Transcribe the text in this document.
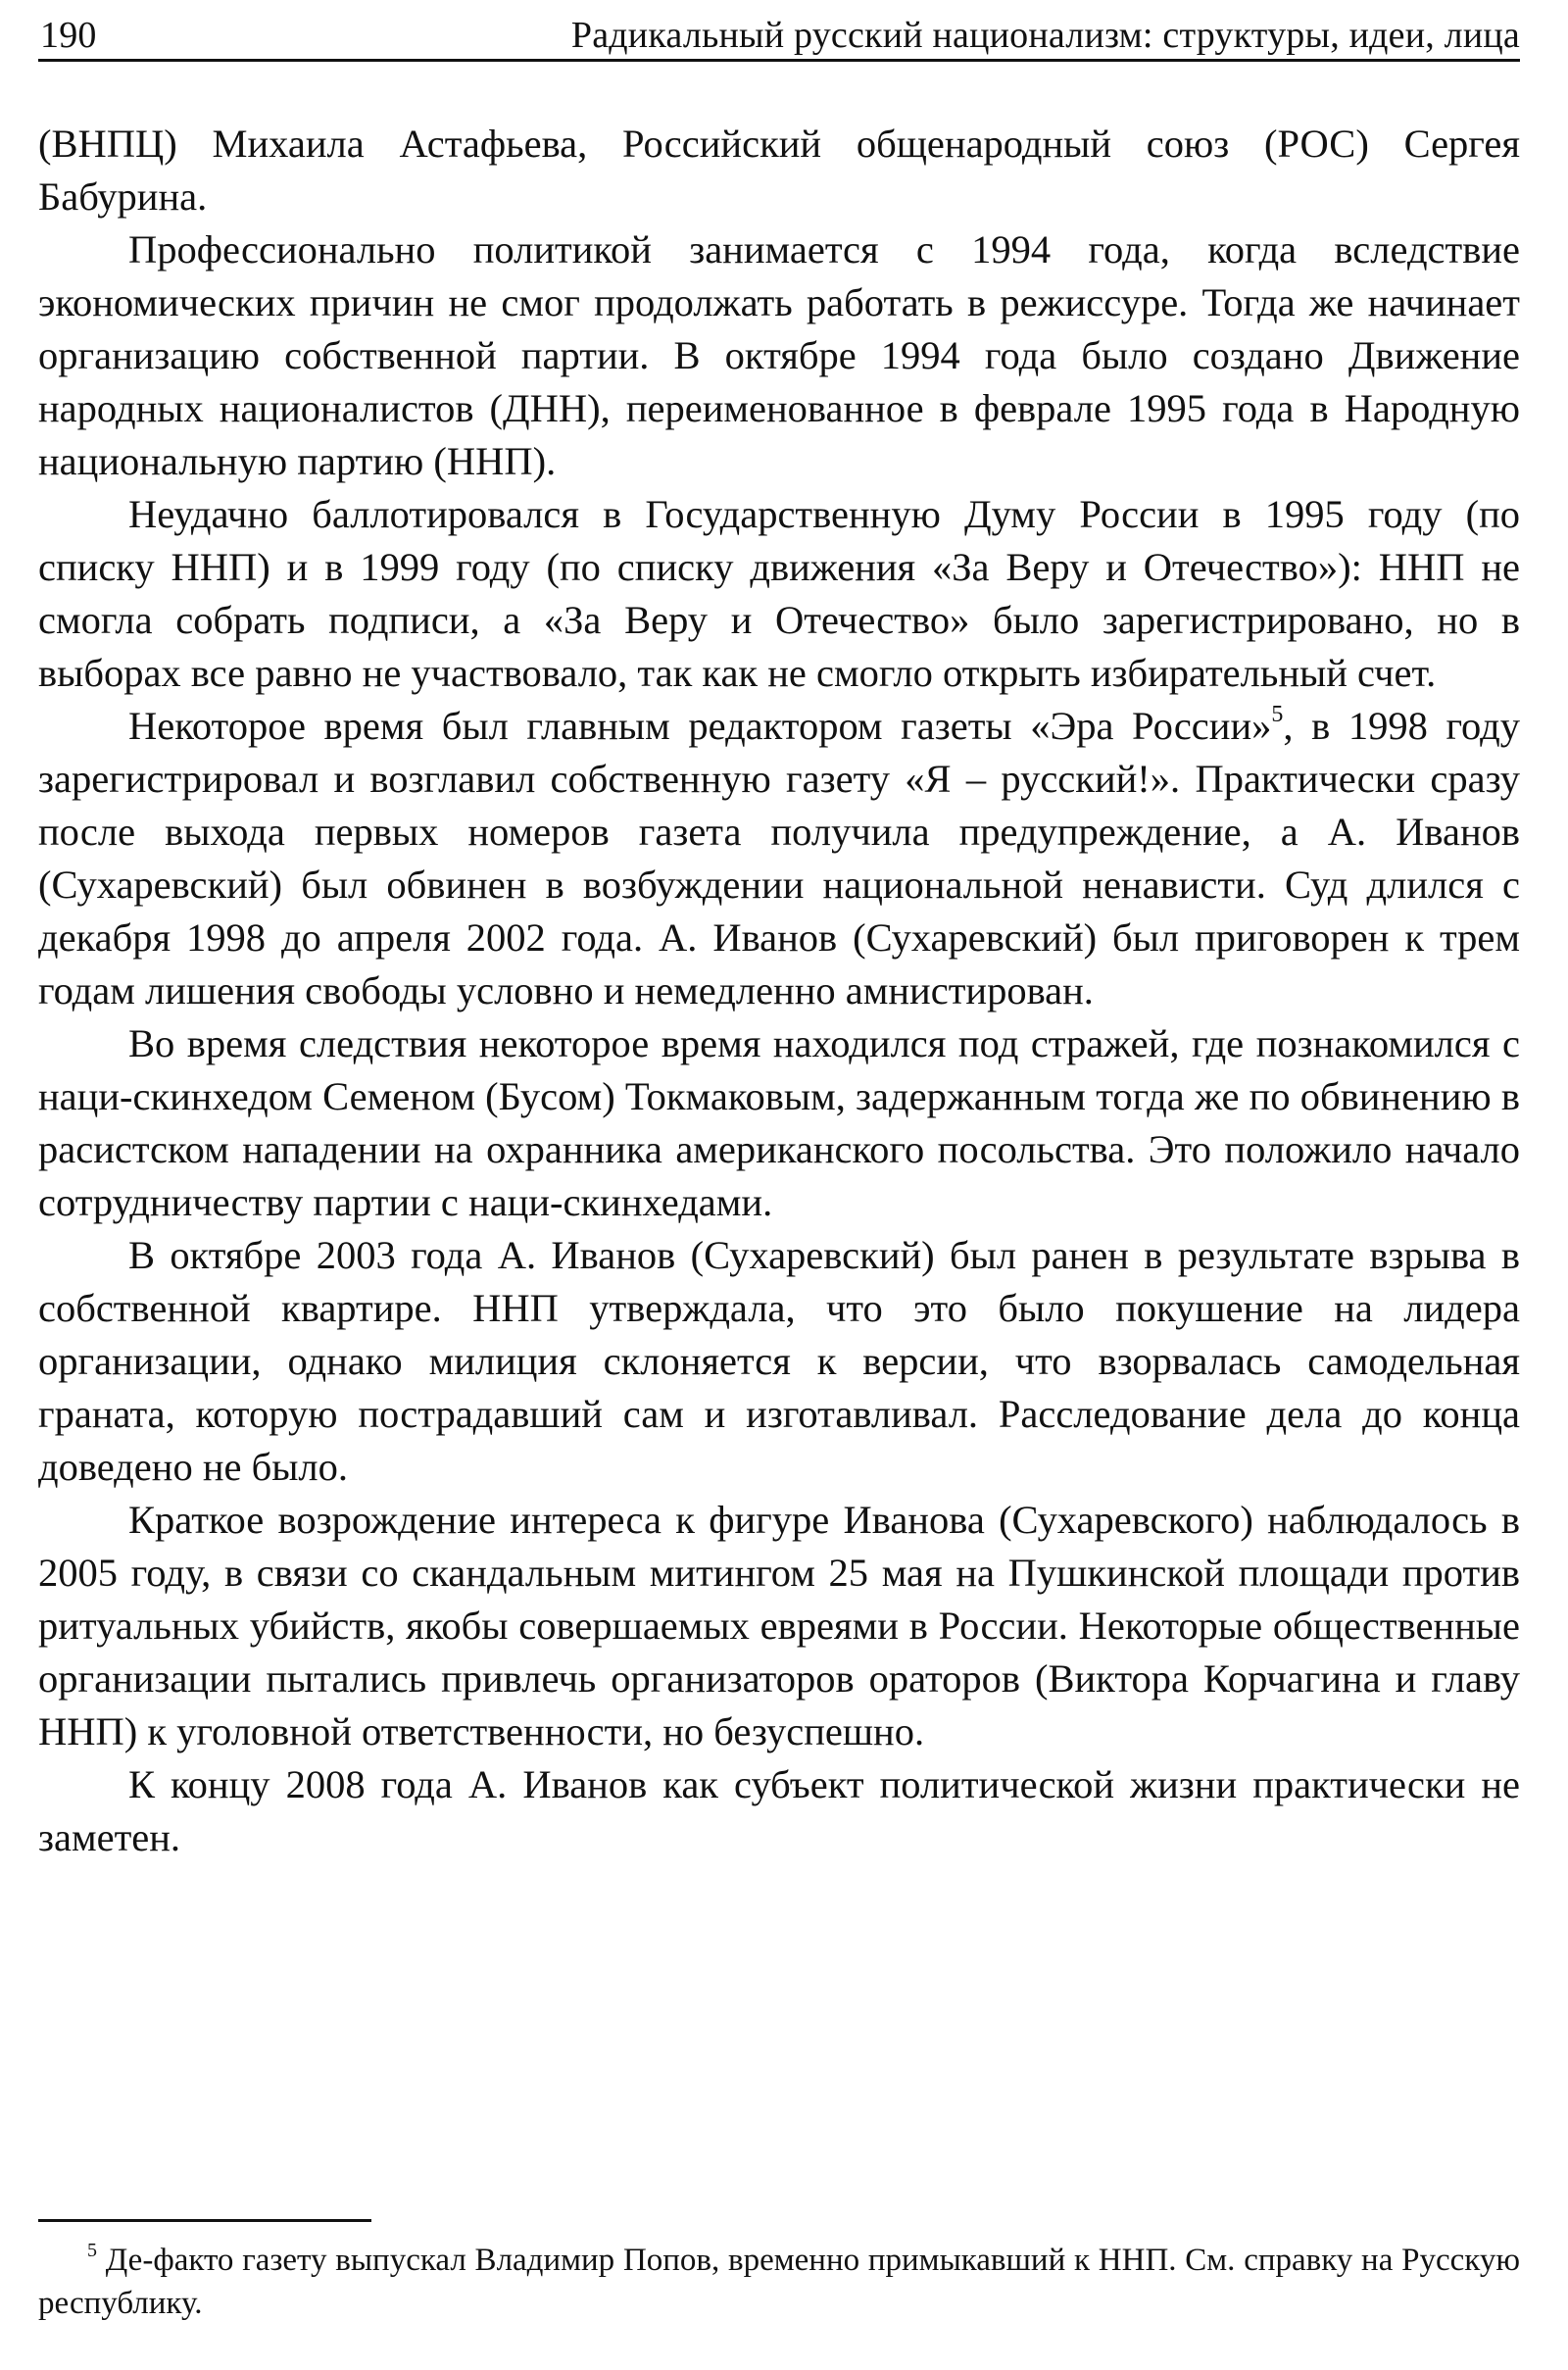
190	Радикальный русский национализм: структуры, идеи, лица

(ВНПЦ) Михаила Астафьева, Российский общенародный союз (РОС) Сергея Бабурина.

Профессионально политикой занимается с 1994 года, когда вследствие экономических причин не смог продолжать работать в режиссуре. Тогда же начинает организацию собственной партии. В октябре 1994 года было создано Движение народных националистов (ДНН), переименованное в феврале 1995 года в Народную национальную партию (ННП).

Неудачно баллотировался в Государственную Думу России в 1995 году (по списку ННП) и в 1999 году (по списку движения «За Веру и Отечество»): ННП не смогла собрать подписи, а «За Веру и Отечество» было зарегистрировано, но в выборах все равно не участвовало, так как не смогло открыть избирательный счет.

Некоторое время был главным редактором газеты «Эра России»$^5$, в 1998 году зарегистрировал и возглавил собственную газету «Я – русский!». Практически сразу после выхода первых номеров газета получила предупреждение, а А. Иванов (Сухаревский) был обвинен в возбуждении национальной ненависти. Суд длился с декабря 1998 до апреля 2002 года. А. Иванов (Сухаревский) был приговорен к трем годам лишения свободы условно и немедленно амнистирован.

Во время следствия некоторое время находился под стражей, где познакомился с наци-скинхедом Семеном (Бусом) Токмаковым, задержанным тогда же по обвинению в расистском нападении на охранника американского посольства. Это положило начало сотрудничеству партии с наци-скинхедами.

В октябре 2003 года А. Иванов (Сухаревский) был ранен в результате взрыва в собственной квартире. ННП утверждала, что это было покушение на лидера организации, однако милиция склоняется к версии, что взорвалась самодельная граната, которую пострадавший сам и изготавливал. Расследование дела до конца доведено не было.

Краткое возрождение интереса к фигуре Иванова (Сухаревского) наблюдалось в 2005 году, в связи со скандальным митингом 25 мая на Пушкинской площади против ритуальных убийств, якобы совершаемых евреями в России. Некоторые общественные организации пытались привлечь организаторов ораторов (Виктора Корчагина и главу ННП) к уголовной ответственности, но безуспешно.

К концу 2008 года А. Иванов как субъект политической жизни практически не заметен.

$^5$ Де-факто газету выпускал Владимир Попов, временно примыкавший к ННП. См. справку на Русскую республику.
